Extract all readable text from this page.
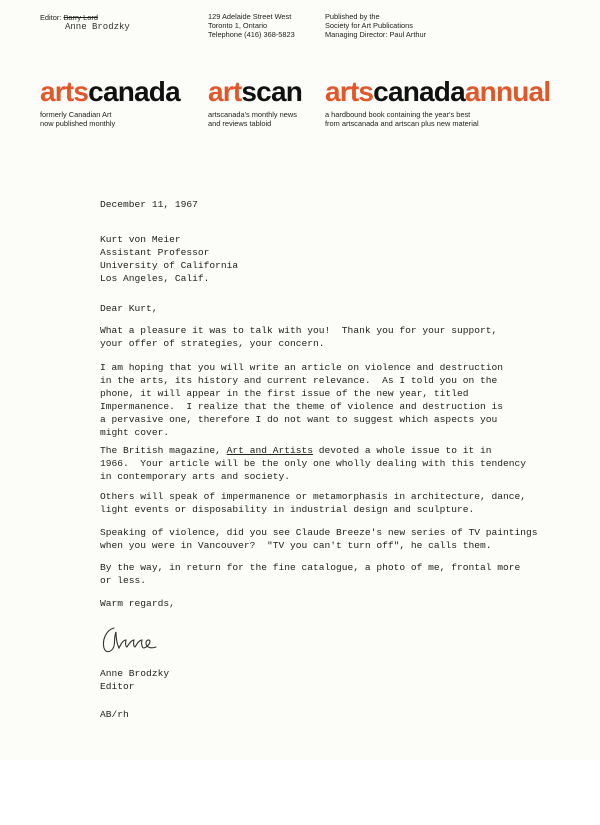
Editor: Barry Lord
Anne Brodzky
129 Adelaide Street West
Toronto 1, Ontario
Telephone (416) 368-5823
Published by the
Society for Art Publications
Managing Director: Paul Arthur
artscanada artscan artscanadaannual
formerly Canadian Art
now published monthly
artscanada's monthly news
and reviews tabloid
a hardbound book containing the year's best
from artscanada and artscan plus new material
December 11, 1967
Kurt von Meier
Assistant Professor
University of California
Los Angeles, Calif.
Dear Kurt,
What a pleasure it was to talk with you!  Thank you for your support,
your offer of strategies, your concern.
I am hoping that you will write an article on violence and destruction
in the arts, its history and current relevance.  As I told you on the
phone, it will appear in the first issue of the new year, titled
Impermanence.  I realize that the theme of violence and destruction is
a pervasive one, therefore I do not want to suggest which aspects you
might cover.
The British magazine, Art and Artists devoted a whole issue to it in
1966.  Your article will be the only one wholly dealing with this tendency
in contemporary arts and society.
Others will speak of impermanence or metamorphasis in architecture, dance,
light events or disposability in industrial design and sculpture.
Speaking of violence, did you see Claude Breeze's new series of TV paintings
when you were in Vancouver?  "TV you can't turn off", he calls them.
By the way, in return for the fine catalogue, a photo of me, frontal more
or less.
Warm regards,
Anne Brodzky
Editor
AB/rh
